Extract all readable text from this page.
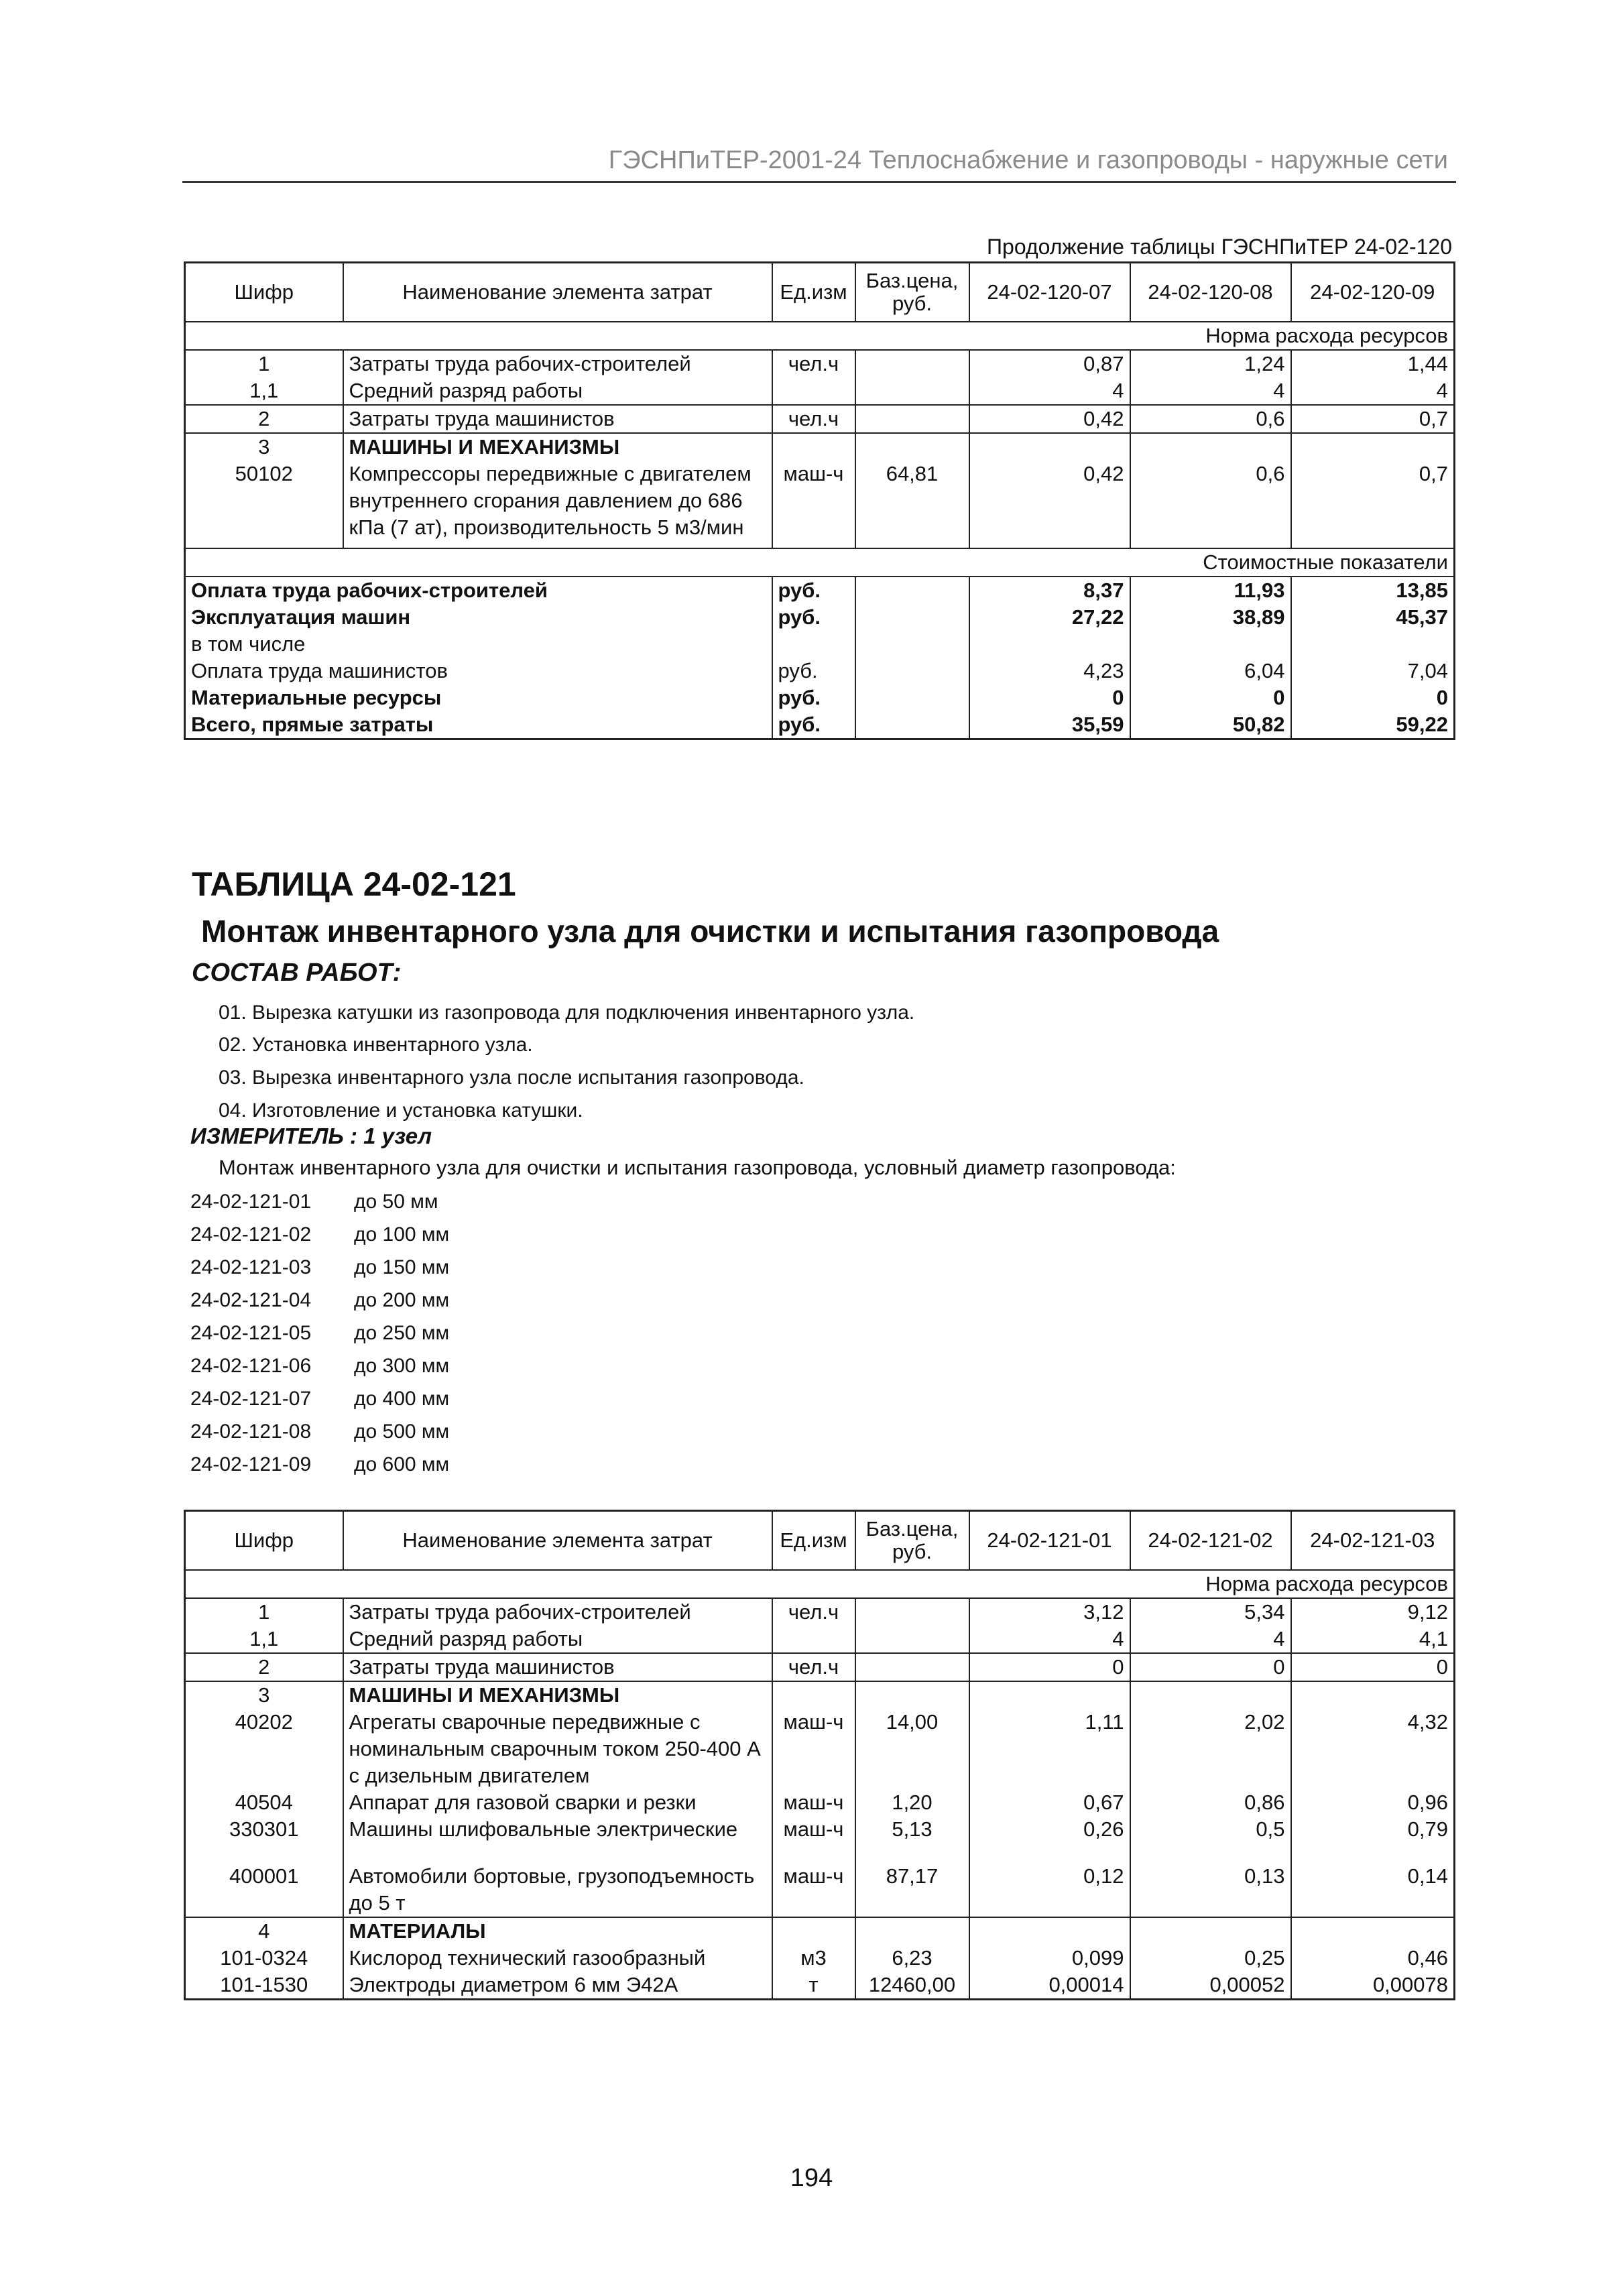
ГЭСНПиТЕР-2001-24 Теплоснабжение и газопроводы - наружные сети
Продолжение таблицы ГЭСНПиТЕР 24-02-120
Шифр	Наименование элемента затрат	Ед.изм	Баз.цена, руб.	24-02-120-07	24-02-120-08	24-02-120-09
Норма расхода ресурсов						
1	Затраты труда рабочих-строителей	чел.ч		0,87	1,24	1,44
1,1	Средний разряд работы			4	4	4
2	Затраты труда машинистов	чел.ч		0,42	0,6	0,7
3	МАШИНЫ И МЕХАНИЗМЫ					
50102	Компрессоры передвижные с двигателем внутреннего сгорания давлением до 686 кПа (7 ат), производительность 5 м3/мин	маш-ч	64,81	0,42	0,6	0,7
Стоимостные показатели						
Оплата труда рабочих-строителей		руб.		8,37	11,93	13,85
Эксплуатация машин		руб.		27,22	38,89	45,37
в том числе						
Оплата труда машинистов		руб.		4,23	6,04	7,04
Материальные ресурсы		руб.		0	0	0
Всего, прямые затраты		руб.		35,59	50,82	59,22
ТАБЛИЦА 24-02-121
Монтаж инвентарного узла для очистки и испытания газопровода
СОСТАВ РАБОТ:
01. Вырезка катушки из газопровода для подключения инвентарного узла.
02. Установка инвентарного узла.
03. Вырезка инвентарного узла после испытания газопровода.
04. Изготовление и установка катушки.
ИЗМЕРИТЕЛЬ : 1 узел
Монтаж инвентарного узла для очистки и испытания газопровода, условный диаметр газопровода:
24-02-121-01 до 50 мм
24-02-121-02 до 100 мм
24-02-121-03 до 150 мм
24-02-121-04 до 200 мм
24-02-121-05 до 250 мм
24-02-121-06 до 300 мм
24-02-121-07 до 400 мм
24-02-121-08 до 500 мм
24-02-121-09 до 600 мм
Шифр	Наименование элемента затрат	Ед.изм	Баз.цена, руб.	24-02-121-01	24-02-121-02	24-02-121-03
Норма расхода ресурсов						
1	Затраты труда рабочих-строителей	чел.ч		3,12	5,34	9,12
1,1	Средний разряд работы			4	4	4,1
2	Затраты труда машинистов	чел.ч		0	0	0
3	МАШИНЫ И МЕХАНИЗМЫ					
40202	Агрегаты сварочные передвижные с номинальным сварочным током 250-400 А с дизельным двигателем	маш-ч	14,00	1,11	2,02	4,32
40504	Аппарат для газовой сварки и резки	маш-ч	1,20	0,67	0,86	0,96
330301	Машины шлифовальные электрические	маш-ч	5,13	0,26	0,5	0,79
400001	Автомобили бортовые, грузоподъемность до 5 т	маш-ч	87,17	0,12	0,13	0,14
4	МАТЕРИАЛЫ					
101-0324	Кислород технический газообразный	м3	6,23	0,099	0,25	0,46
101-1530	Электроды диаметром 6 мм Э42А	т	12460,00	0,00014	0,00052	0,00078
194
